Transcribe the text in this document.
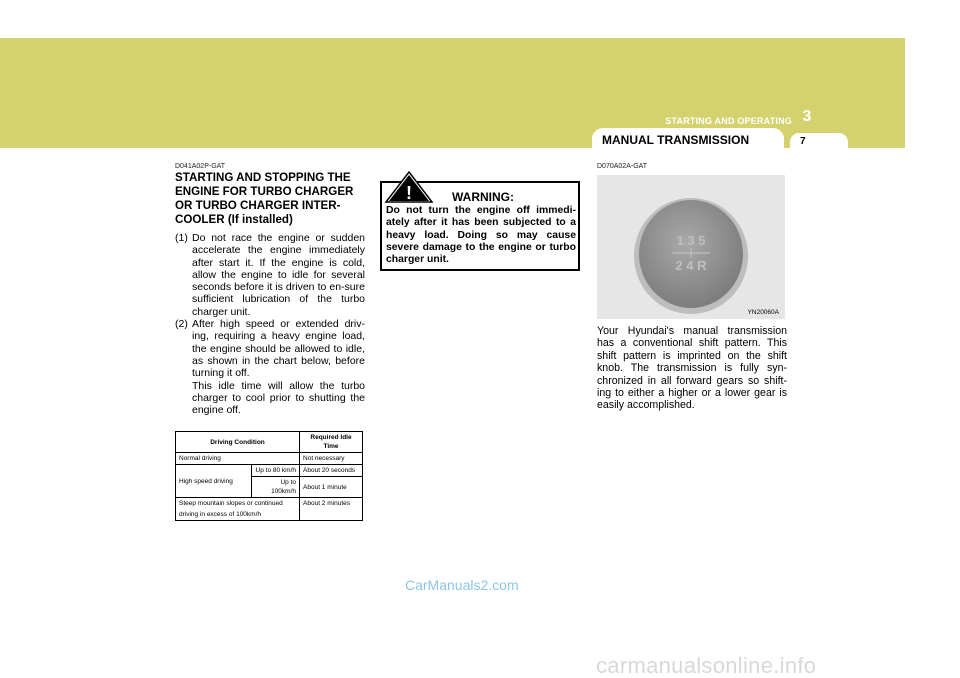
STARTING AND OPERATING 3
MANUAL TRANSMISSION	7
D041A02P-GAT
STARTING AND STOPPING THE ENGINE FOR TURBO CHARGER OR TURBO CHARGER INTER-COOLER (If installed)
(1) Do not race the engine or sudden accelerate the engine immediately after start it. If the engine is cold, allow the engine to idle for several seconds before it is driven to en-sure sufficient lubrication of the turbo charger unit.

(2) After high speed or extended driv-ing, requiring a heavy engine load, the engine should be allowed to idle, as shown in the chart below, before turning it off.

This idle time will allow the turbo charger to cool prior to shutting the engine off.

Driving Condition		Required Idle Time
Normal driving		Not necessary
High speed driving	Up to 80 km/h	About 20 seconds
	Up to 100km/h	About 1 minute
Steep mountain slopes or continued		About 2 minutes
driving in excess of 100km/h		
!	WARNING:
Do not turn the engine off immedi-ately after it has been subjected to a heavy load. Doing so may cause severe damage to the engine or turbo charger unit.
D070A02A-GAT
1 3 5
2 4 R
YN20060A
Your Hyundai's manual transmission has a conventional shift pattern. This shift pattern is imprinted on the shift knob. The transmission is fully syn-chronized in all forward gears so shift-ing to either a higher or a lower gear is easily accomplished.
CarManuals2.com
carmanualsonline.info
